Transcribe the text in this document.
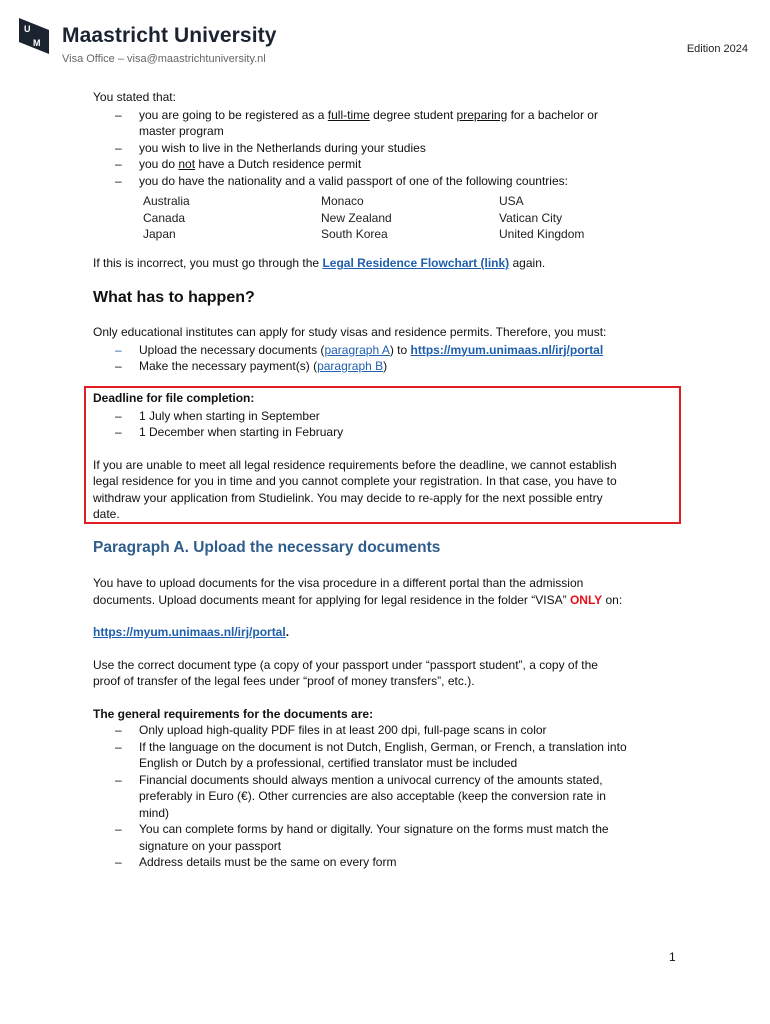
U
M Maastricht University
Visa Office – visa@maastrichtuniversity.nl
Edition 2024
You stated that:
– you are going to be registered as a full-time degree student preparing for a bachelor or
master program
– you wish to live in the Netherlands during your studies
– you do not have a Dutch residence permit
– you do have the nationality and a valid passport of one of the following countries:
Australia	Monaco	USA
Canada	New Zealand	Vatican City
Japan	South Korea	United Kingdom
If this is incorrect, you must go through the Legal Residence Flowchart (link) again.
What has to happen?
Only educational institutes can apply for study visas and residence permits. Therefore, you must:
– Upload the necessary documents (paragraph A) to https://myum.unimaas.nl/irj/portal
– Make the necessary payment(s) (paragraph B)
Deadline for file completion:
– 1 July when starting in September
– 1 December when starting in February
If you are unable to meet all legal residence requirements before the deadline, we cannot establish
legal residence for you in time and you cannot complete your registration. In that case, you have to
withdraw your application from Studielink. You may decide to re-apply for the next possible entry
date.
Paragraph A. Upload the necessary documents
You have to upload documents for the visa procedure in a different portal than the admission
documents. Upload documents meant for applying for legal residence in the folder “VISA” ONLY on:
https://myum.unimaas.nl/irj/portal.
Use the correct document type (a copy of your passport under “passport student”, a copy of the
proof of transfer of the legal fees under “proof of money transfers”, etc.).
The general requirements for the documents are:
– Only upload high-quality PDF files in at least 200 dpi, full-page scans in color
– If the language on the document is not Dutch, English, German, or French, a translation into
English or Dutch by a professional, certified translator must be included
– Financial documents should always mention a univocal currency of the amounts stated,
preferably in Euro (€). Other currencies are also acceptable (keep the conversion rate in
mind)
– You can complete forms by hand or digitally. Your signature on the forms must match the
signature on your passport
– Address details must be the same on every form
1
